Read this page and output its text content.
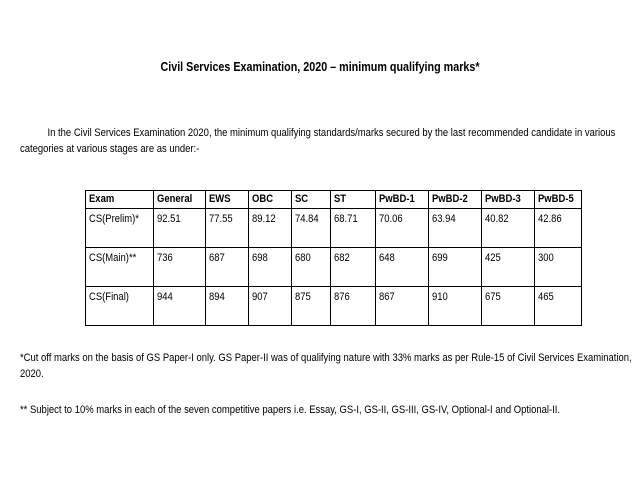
Civil Services Examination, 2020 – minimum qualifying marks*
In the Civil Services Examination 2020, the minimum qualifying standards/marks secured by the last recommended candidate in various
categories at various stages are as under:-
Exam	General	EWS	OBC	SC	ST	PwBD-1	PwBD-2	PwBD-3	PwBD-5
CS(Prelim)*	92.51	77.55	89.12	74.84	68.71	70.06	63.94	40.82	42.86
CS(Main)**	736	687	698	680	682	648	699	425	300
CS(Final)	944	894	907	875	876	867	910	675	465
*Cut off marks on the basis of GS Paper-I only. GS Paper-II was of qualifying nature with 33% marks as per Rule-15 of Civil Services Examination,
2020.
** Subject to 10% marks in each of the seven competitive papers i.e. Essay, GS-I, GS-II, GS-III, GS-IV, Optional-I and Optional-II.
